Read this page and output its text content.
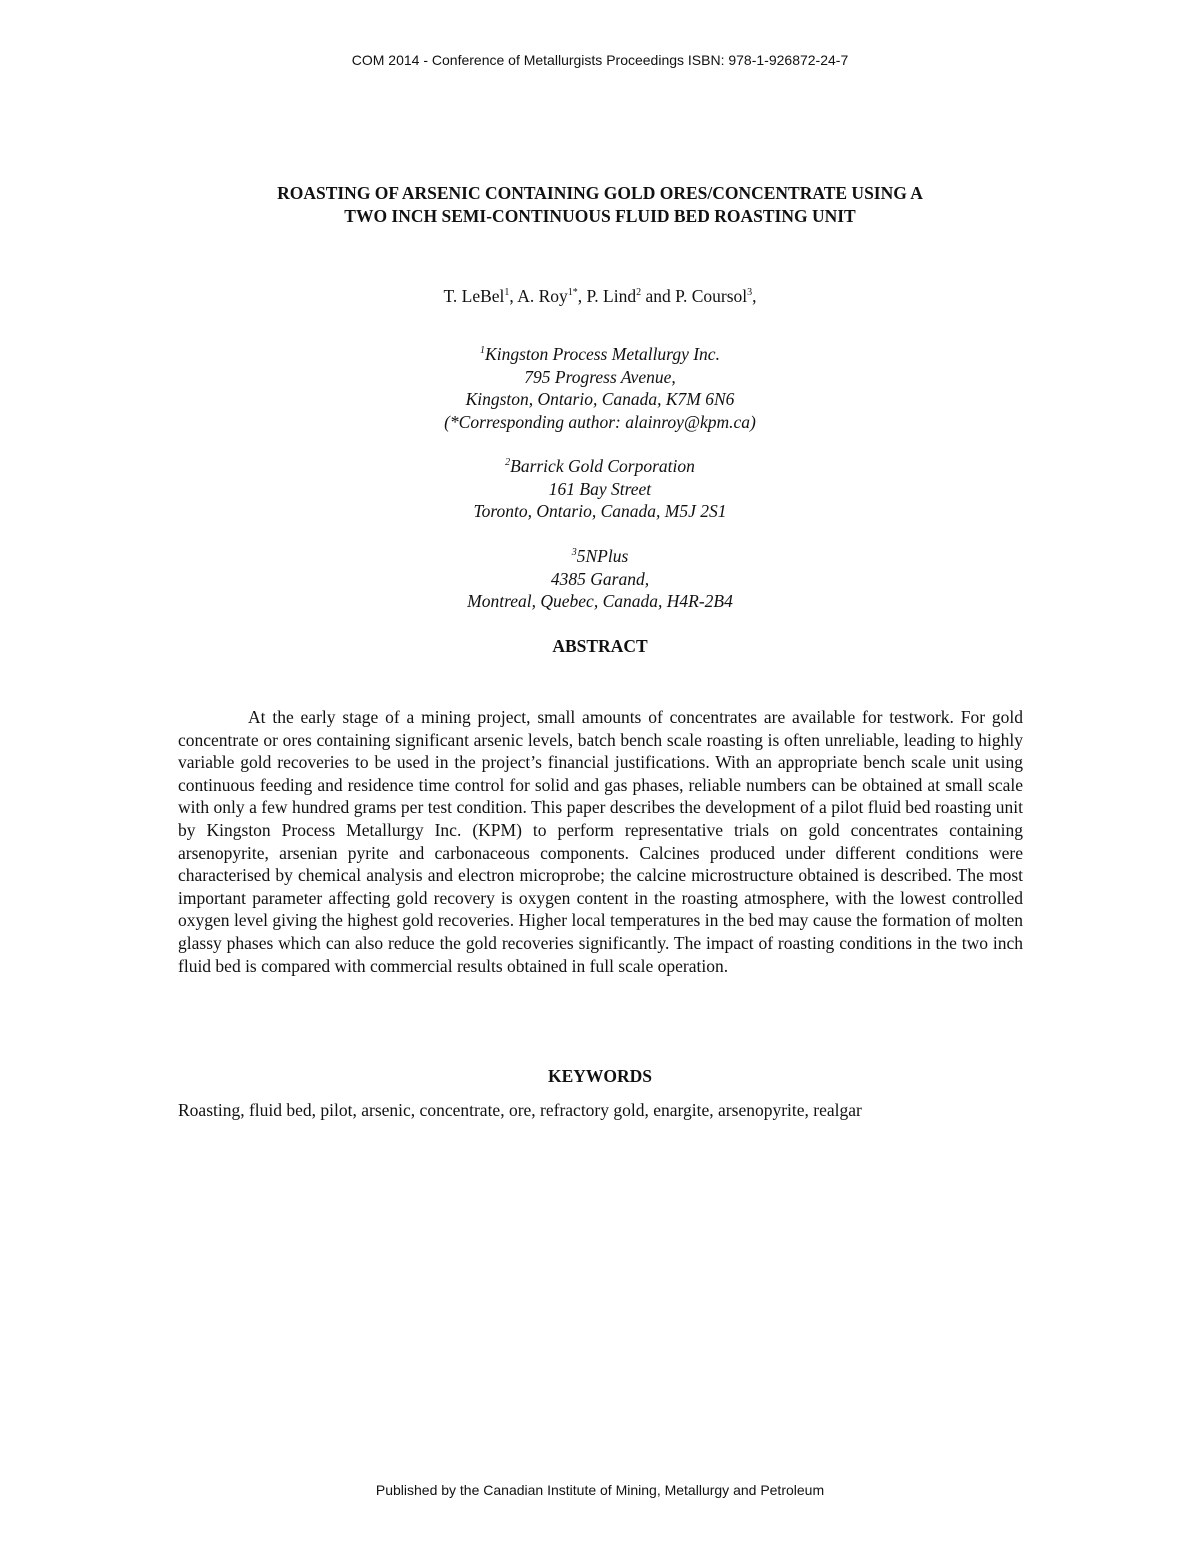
COM 2014 - Conference of Metallurgists Proceedings ISBN: 978-1-926872-24-7
ROASTING OF ARSENIC CONTAINING GOLD ORES/CONCENTRATE USING A
TWO INCH SEMI-CONTINUOUS FLUID BED ROASTING UNIT
T. LeBel$^1$, A. Roy$^{1*}$, P. Lind$^2$ and P. Coursol$^3$,
$^1$Kingston Process Metallurgy Inc.
795 Progress Avenue,
Kingston, Ontario, Canada, K7M 6N6
(*Corresponding author: alainroy@kpm.ca)
$^2$Barrick Gold Corporation
161 Bay Street
Toronto, Ontario, Canada, M5J 2S1
$^3$5NPlus
4385 Garand,
Montreal, Quebec, Canada, H4R-2B4
ABSTRACT

At the early stage of a mining project, small amounts of concentrates are available for testwork. For gold concentrate or ores containing significant arsenic levels, batch bench scale roasting is often unreliable, leading to highly variable gold recoveries to be used in the project’s financial justifications. With an appropriate bench scale unit using continuous feeding and residence time control for solid and gas phases, reliable numbers can be obtained at small scale with only a few hundred grams per test condition. This paper describes the development of a pilot fluid bed roasting unit by Kingston Process Metallurgy Inc. (KPM) to perform representative trials on gold concentrates containing arsenopyrite, arsenian pyrite and carbonaceous components. Calcines produced under different conditions were characterised by chemical analysis and electron microprobe; the calcine microstructure obtained is described. The most important parameter affecting gold recovery is oxygen content in the roasting atmosphere, with the lowest controlled oxygen level giving the highest gold recoveries. Higher local temperatures in the bed may cause the formation of molten glassy phases which can also reduce the gold recoveries significantly. The impact of roasting conditions in the two inch fluid bed is compared with commercial results obtained in full scale operation.

KEYWORDS

Roasting, fluid bed, pilot, arsenic, concentrate, ore, refractory gold, enargite, arsenopyrite, realgar

Published by the Canadian Institute of Mining, Metallurgy and Petroleum
